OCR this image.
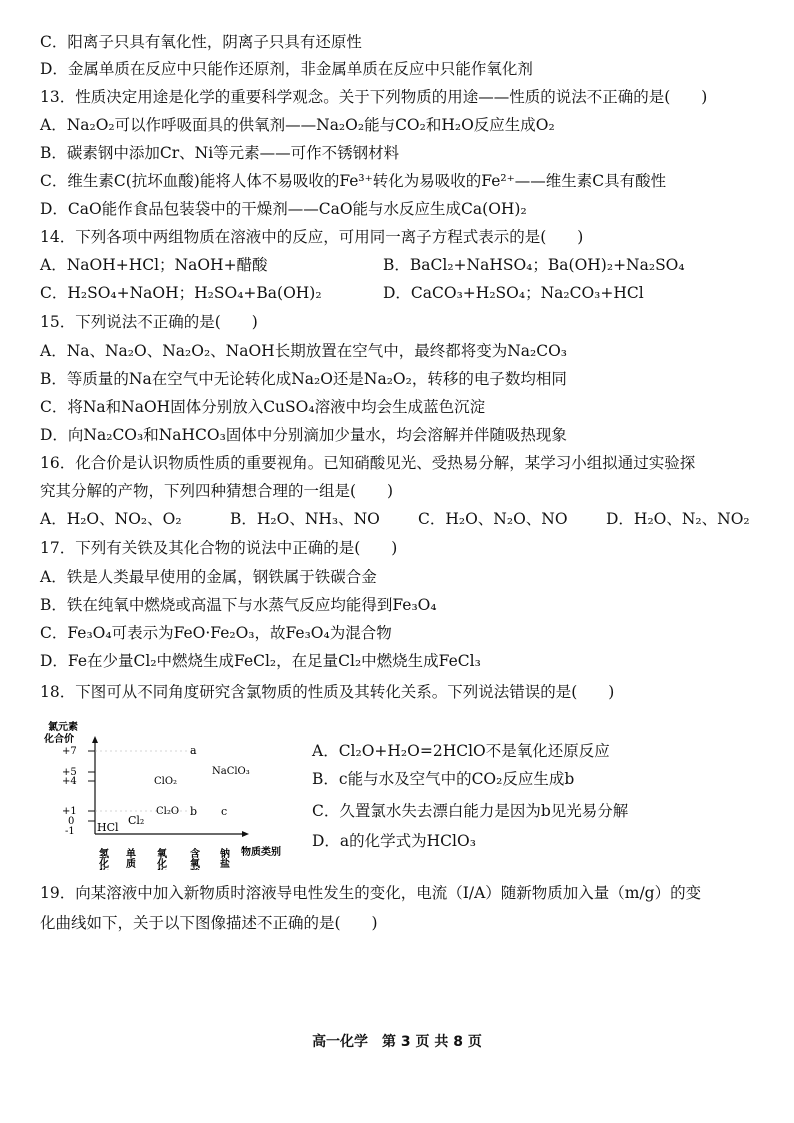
C．阳离子只具有氧化性，阴离子只具有还原性
D．金属单质在反应中只能作还原剂，非金属单质在反应中只能作氧化剂
13．性质决定用途是化学的重要科学观念。关于下列物质的用途——性质的说法不正确的是(　　)
A．Na₂O₂可以作呼吸面具的供氧剂——Na₂O₂能与CO₂和H₂O反应生成O₂
B．碳素钢中添加Cr、Ni等元素——可作不锈钢材料
C．维生素C(抗坏血酸)能将人体不易吸收的Fe³⁺转化为易吸收的Fe²⁺——维生素C具有酸性
D．CaO能作食品包装袋中的干燥剂——CaO能与水反应生成Ca(OH)₂
14．下列各项中两组物质在溶液中的反应，可用同一离子方程式表示的是(　　)
A．NaOH+HCl；NaOH+醋酸	B．BaCl₂+NaHSO₄；Ba(OH)₂+Na₂SO₄
C．H₂SO₄+NaOH；H₂SO₄+Ba(OH)₂	D．CaCO₃+H₂SO₄；Na₂CO₃+HCl
15．下列说法不正确的是(　　)
A．Na、Na₂O、Na₂O₂、NaOH长期放置在空气中，最终都将变为Na₂CO₃
B．等质量的Na在空气中无论转化成Na₂O还是Na₂O₂，转移的电子数均相同
C．将Na和NaOH固体分别放入CuSO₄溶液中均会生成蓝色沉淀
D．向Na₂CO₃和NaHCO₃固体中分别滴加少量水，均会溶解并伴随吸热现象
16．化合价是认识物质性质的重要视角。已知硝酸见光、受热易分解，某学习小组拟通过实验探
究其分解的产物，下列四种猜想合理的一组是(　　)
A．H₂O、NO₂、O₂	B．H₂O、NH₃、NO C．H₂O、N₂O、NO D．H₂O、N₂、NO₂
17．下列有关铁及其化合物的说法中正确的是(　　)
A．铁是人类最早使用的金属，钢铁属于铁碳合金
B．铁在纯氧中燃烧或高温下与水蒸气反应均能得到Fe₃O₄
C．Fe₃O₄可表示为FeO·Fe₂O₃，故Fe₃O₄为混合物
D．Fe在少量Cl₂中燃烧生成FeCl₂，在足量Cl₂中燃烧生成FeCl₃
18．下图可从不同角度研究含氯物质的性质及其转化关系。下列说法错误的是(　　)
氯元素
化合价
+7
+5
+4
+1
0
-1 HCl
Cl₂
ClO₂
Cl₂O
a
b c
NaClO₃
氢化物 单质 氧化物 含氧酸 钠盐 物质类别
A．Cl₂O+H₂O=2HClO不是氧化还原反应
B．c能与水及空气中的CO₂反应生成b
C．久置氯水失去漂白能力是因为b见光易分解
D．a的化学式为HClO₃
19．向某溶液中加入新物质时溶液导电性发生的变化，电流（I/A）随新物质加入量（m/g）的变
化曲线如下，关于以下图像描述不正确的是(　　)
高一化学　第 3 页 共 8 页
